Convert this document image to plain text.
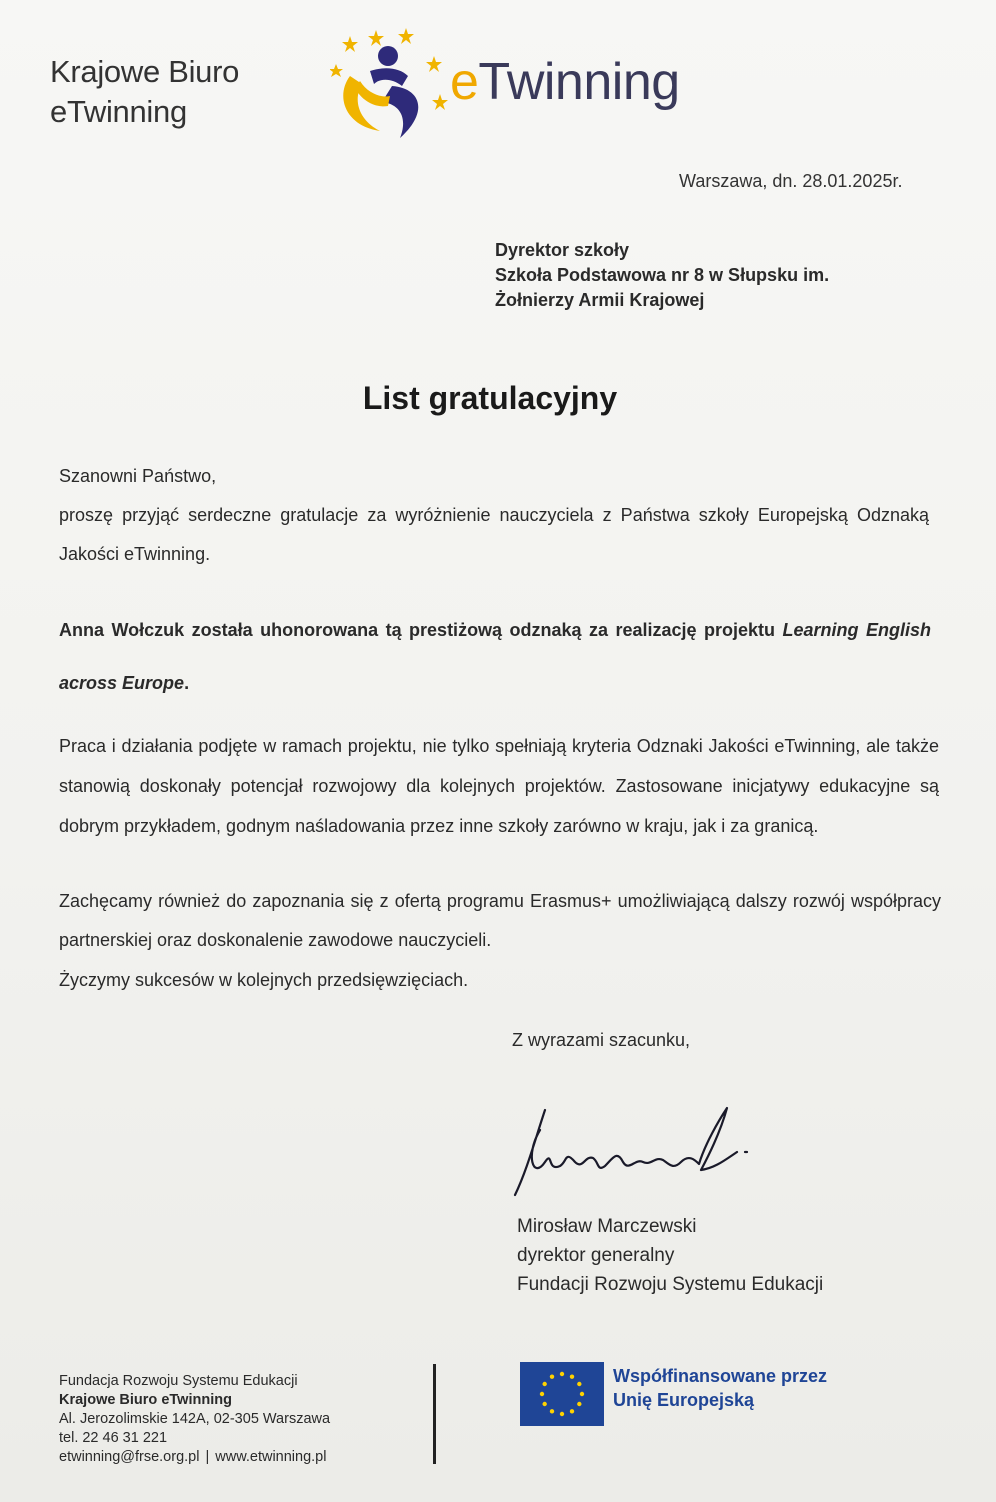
Krajowe Biuro
eTwinning
eTwinning
Warszawa, dn. 28.01.2025r.
Dyrektor szkoły
Szkoła Podstawowa nr 8 w Słupsku im.
Żołnierzy Armii Krajowej
List gratulacyjny

Szanowni Państwo,

proszę przyjąć serdeczne gratulacje za wyróżnienie nauczyciela z Państwa szkoły Europejską Odznaką Jakości eTwinning.

Anna Wołczuk została uhonorowana tą prestiżową odznaką za realizację projektu Learning English across Europe.

Praca i działania podjęte w ramach projektu, nie tylko spełniają kryteria Odznaki Jakości eTwinning, ale także stanowią doskonały potencjał rozwojowy dla kolejnych projektów. Zastosowane inicjatywy edukacyjne są dobrym przykładem, godnym naśladowania przez inne szkoły zarówno w kraju, jak i za granicą.

Zachęcamy również do zapoznania się z ofertą programu Erasmus+ umożliwiającą dalszy rozwój współpracy partnerskiej oraz doskonalenie zawodowe nauczycieli.

Życzymy sukcesów w kolejnych przedsięwzięciach.

Z wyrazami szacunku,
Mirosław Marczewski
dyrektor generalny
Fundacji Rozwoju Systemu Edukacji
Fundacja Rozwoju Systemu Edukacji
Krajowe Biuro eTwinning
Al. Jerozolimskie 142A, 02-305 Warszawa
tel. 22 46 31 221
etwinning@frse.org.pl | www.etwinning.pl
Współfinansowane przez
Unię Europejską
